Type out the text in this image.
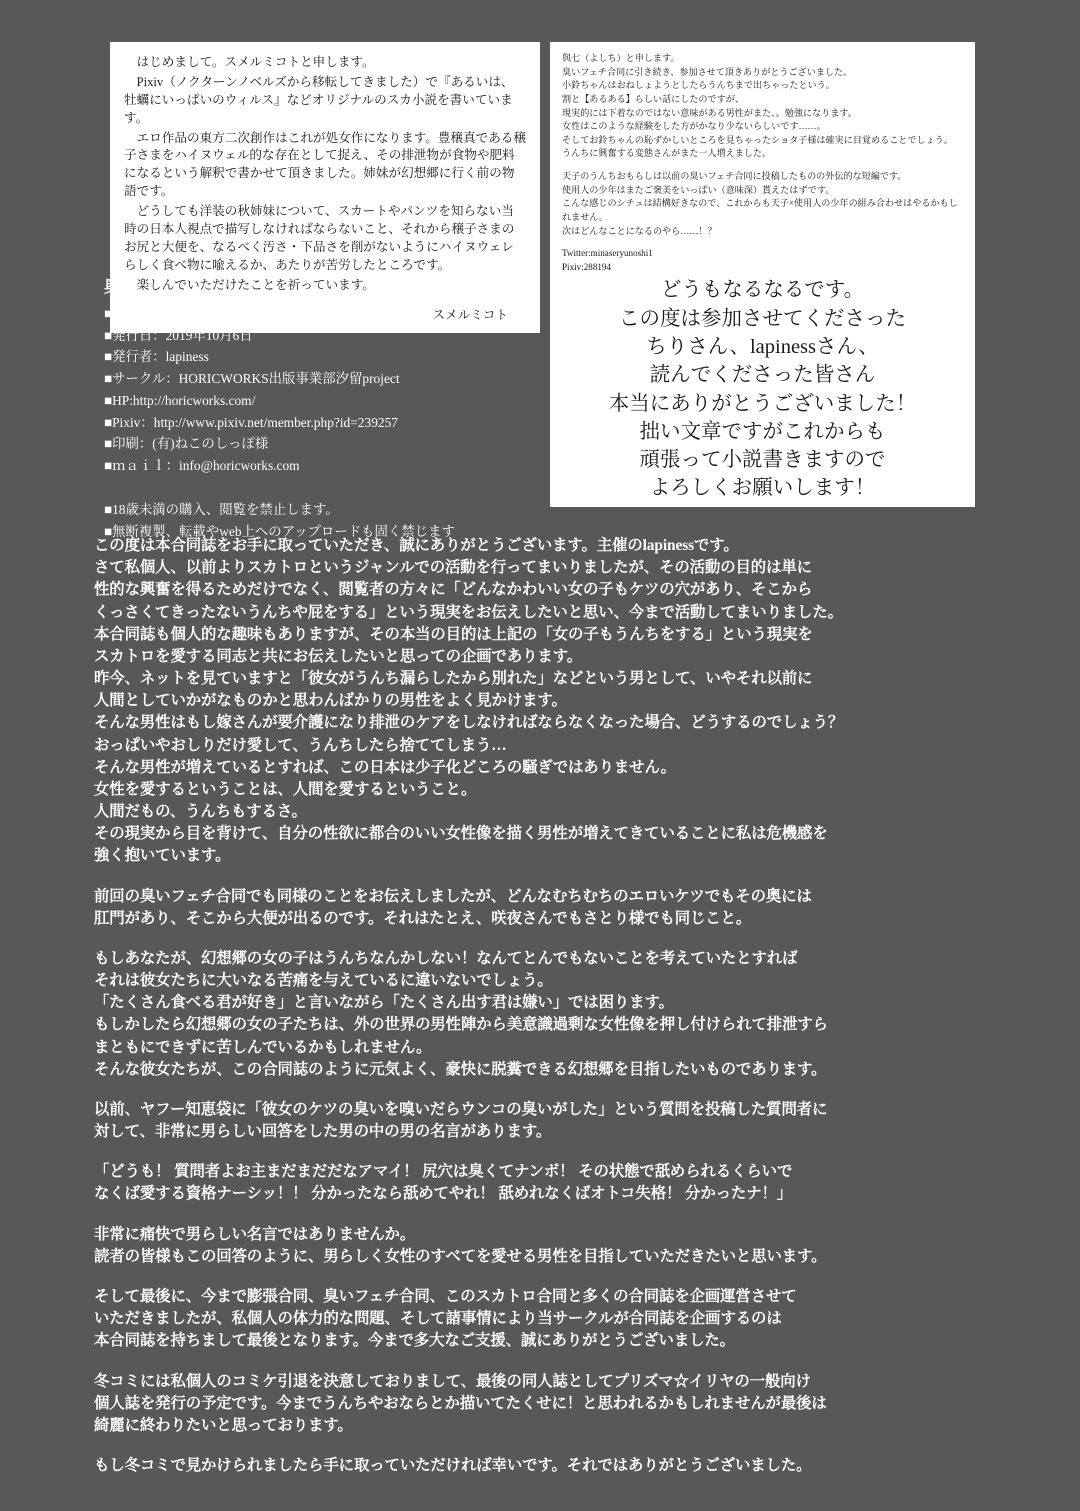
はじめまして。スメルミコトと申します。

Pixiv（ノクターンノベルズから移転してきました）で『あるいは、牡蠣にいっぱいのウィルス』などオリジナルのスカ小説を書いています。

エロ作品の東方二次創作はこれが処女作になります。豊穣真である穣子さまをハイヌウェル的な存在として捉え、その排泄物が食物や肥料になるという解釈で書かせて頂きました。姉妹が幻想郷に行く前の物語です。

どうしても洋装の秋姉妹について、スカートやパンツを知らない当時の日本人視点で描写しなければならないこと、それから穣子さまのお尻と大便を、なるべく汚さ・下品さを削がないようにハイヌウェレらしく食べ物に喩えるか、あたりが苦労したところです。

楽しんでいただけたことを祈っています。

スメルミコト

與七（よしち）と申します。

臭いフェチ合同に引き続き、参加させて頂きありがとうございました。

小鈴ちゃんはおねしょようとしたらうんちまで出ちゃったという。

割と【あるある】らしい話にしたのですが、

現実的には下着なのではない意味がある男性がまた、。勉強になります。

女性はこのような経験をした方がかなり少ないらしいです……。

そしてお鈴ちゃんの恥ずかしいところを見ちゃったショタ子様は確実に目覚めることでしょう。

うんちに興奮する変態さんがまた一人増えました。

天子のうんちおもらしは以前の臭いフェチ合同に投稿したものの外伝的な短編です。

使用人の少年はまたご褒美をいっぱい（意味深）貰えたはずです。

こんな感じのシチュは結構好きなので、これからも天子×使用人の少年の組み合わせはやるかもしれません。

次はどんなことになるのやら……！？

Twitter:minaseryunoshi1

Pixiv:288194

奥付
■誌名：東方スカトロジー合同誌「便女!!!!!!!!」
■発行日：2019年10月6日
■発行者：lapiness
■サークル：HORICWORKS出版事業部汐留project
■HP:http://horicworks.com/
■Pixiv：http://www.pixiv.net/member.php?id=239257
■印刷：(有)ねこのしっぽ様
■ｍａｉｌ：info@horicworks.com
■18歳未満の購入、閲覧を禁止します。
■無断複製、転載やweb上へのアップロードも固く禁じます
どうもなるなるです。
この度は参加させてくださった
ちりさん、lapinessさん、
読んでくださった皆さん
本当にありがとうございました！
拙い文章ですがこれからも
頑張って小説書きますので
よろしくお願いします！

この度は本合同誌をお手に取っていただき、誠にありがとうございます。主催のlapinessです。

さて私個人、以前よりスカトロというジャンルでの活動を行ってまいりましたが、その活動の目的は単に

性的な興奮を得るためだけでなく、閲覧者の方々に「どんなかわいい女の子もケツの穴があり、そこから

くっさくてきったないうんちや屁をする」という現実をお伝えしたいと思い、今まで活動してまいりました。

本合同誌も個人的な趣味もありますが、その本当の目的は上記の「女の子もうんちをする」という現実を

スカトロを愛する同志と共にお伝えしたいと思っての企画であります。

昨今、ネットを見ていますと「彼女がうんち漏らしたから別れた」などという男として、いやそれ以前に

人間としていかがなものかと思わんばかりの男性をよく見かけます。

そんな男性はもし嫁さんが要介護になり排泄のケアをしなければならなくなった場合、どうするのでしょう？

おっぱいやおしりだけ愛して、うんちしたら捨ててしまう…

そんな男性が増えているとすれば、この日本は少子化どころの騒ぎではありません。

女性を愛するということは、人間を愛するということ。

人間だもの、うんちもするさ。

その現実から目を背けて、自分の性欲に都合のいい女性像を描く男性が増えてきていることに私は危機感を

強く抱いています。

前回の臭いフェチ合同でも同様のことをお伝えしましたが、どんなむちむちのエロいケツでもその奥には

肛門があり、そこから大便が出るのです。それはたとえ、咲夜さんでもさとり様でも同じこと。

もしあなたが、幻想郷の女の子はうんちなんかしない！なんてとんでもないことを考えていたとすれば

それは彼女たちに大いなる苦痛を与えているに違いないでしょう。

「たくさん食べる君が好き」と言いながら「たくさん出す君は嫌い」では困ります。

もしかしたら幻想郷の女の子たちは、外の世界の男性陣から美意識過剰な女性像を押し付けられて排泄すら

まともにできずに苦しんでいるかもしれません。

そんな彼女たちが、この合同誌のように元気よく、豪快に脱糞できる幻想郷を目指したいものであります。

以前、ヤフー知恵袋に「彼女のケツの臭いを嗅いだらウンコの臭いがした」という質問を投稿した質問者に

対して、非常に男らしい回答をした男の中の男の名言があります。

「どうも！ 質問者よお主まだまだだなアマイ！ 尻穴は臭くてナンボ！ その状態で舐められるくらいで

なくば愛する資格ナーシッ！！ 分かったなら舐めてやれ！ 舐めれなくばオトコ失格！ 分かったナ！」

非常に痛快で男らしい名言ではありませんか。

読者の皆様もこの回答のように、男らしく女性のすべてを愛せる男性を目指していただきたいと思います。

そして最後に、今まで膨張合同、臭いフェチ合同、このスカトロ合同と多くの合同誌を企画運営させて

いただきましたが、私個人の体力的な問題、そして諸事情により当サークルが合同誌を企画するのは

本合同誌を持ちまして最後となります。今まで多大なご支援、誠にありがとうございました。

冬コミには私個人のコミケ引退を決意しておりまして、最後の同人誌としてプリズマ☆イリヤの一般向け

個人誌を発行の予定です。今までうんちやおならとか描いてたくせに！と思われるかもしれませんが最後は

綺麗に終わりたいと思っております。

もし冬コミで見かけられましたら手に取っていただければ幸いです。それではありがとうございました。
